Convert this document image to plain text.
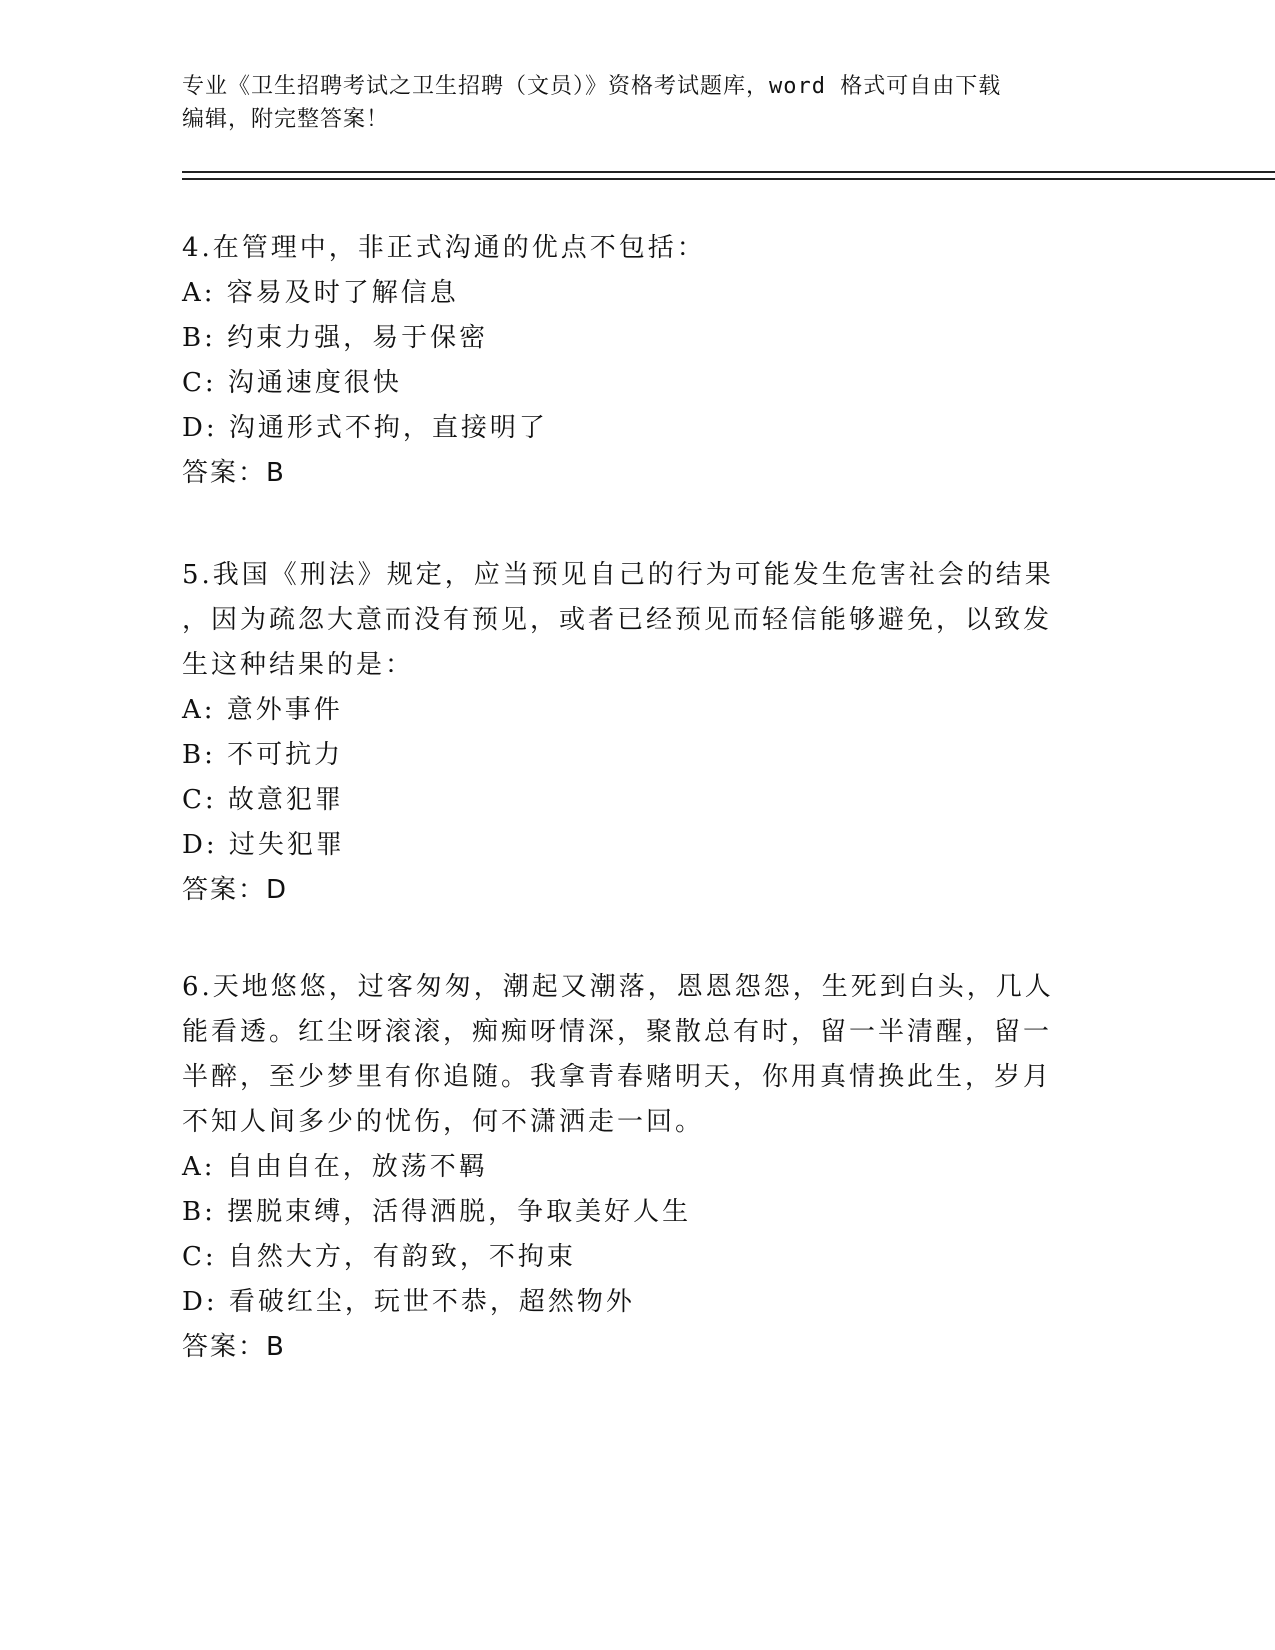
专业《卫生招聘考试之卫生招聘（文员）》资格考试题库，word 格式可自由下载
编辑，附完整答案！

4.在管理中，非正式沟通的优点不包括：

A: 容易及时了解信息

B: 约束力强，易于保密

C: 沟通速度很快

D: 沟通形式不拘，直接明了

答案：B

5.我国《刑法》规定，应当预见自己的行为可能发生危害社会的结果

，因为疏忽大意而没有预见，或者已经预见而轻信能够避免，以致发

生这种结果的是：

A: 意外事件

B: 不可抗力

C: 故意犯罪

D: 过失犯罪

答案：D

6.天地悠悠，过客匆匆，潮起又潮落，恩恩怨怨，生死到白头，几人

能看透。红尘呀滚滚，痴痴呀情深，聚散总有时，留一半清醒，留一

半醉，至少梦里有你追随。我拿青春赌明天，你用真情换此生，岁月

不知人间多少的忧伤，何不潇洒走一回。

A: 自由自在，放荡不羁

B: 摆脱束缚，活得洒脱，争取美好人生

C: 自然大方，有韵致，不拘束

D: 看破红尘，玩世不恭，超然物外

答案：B
